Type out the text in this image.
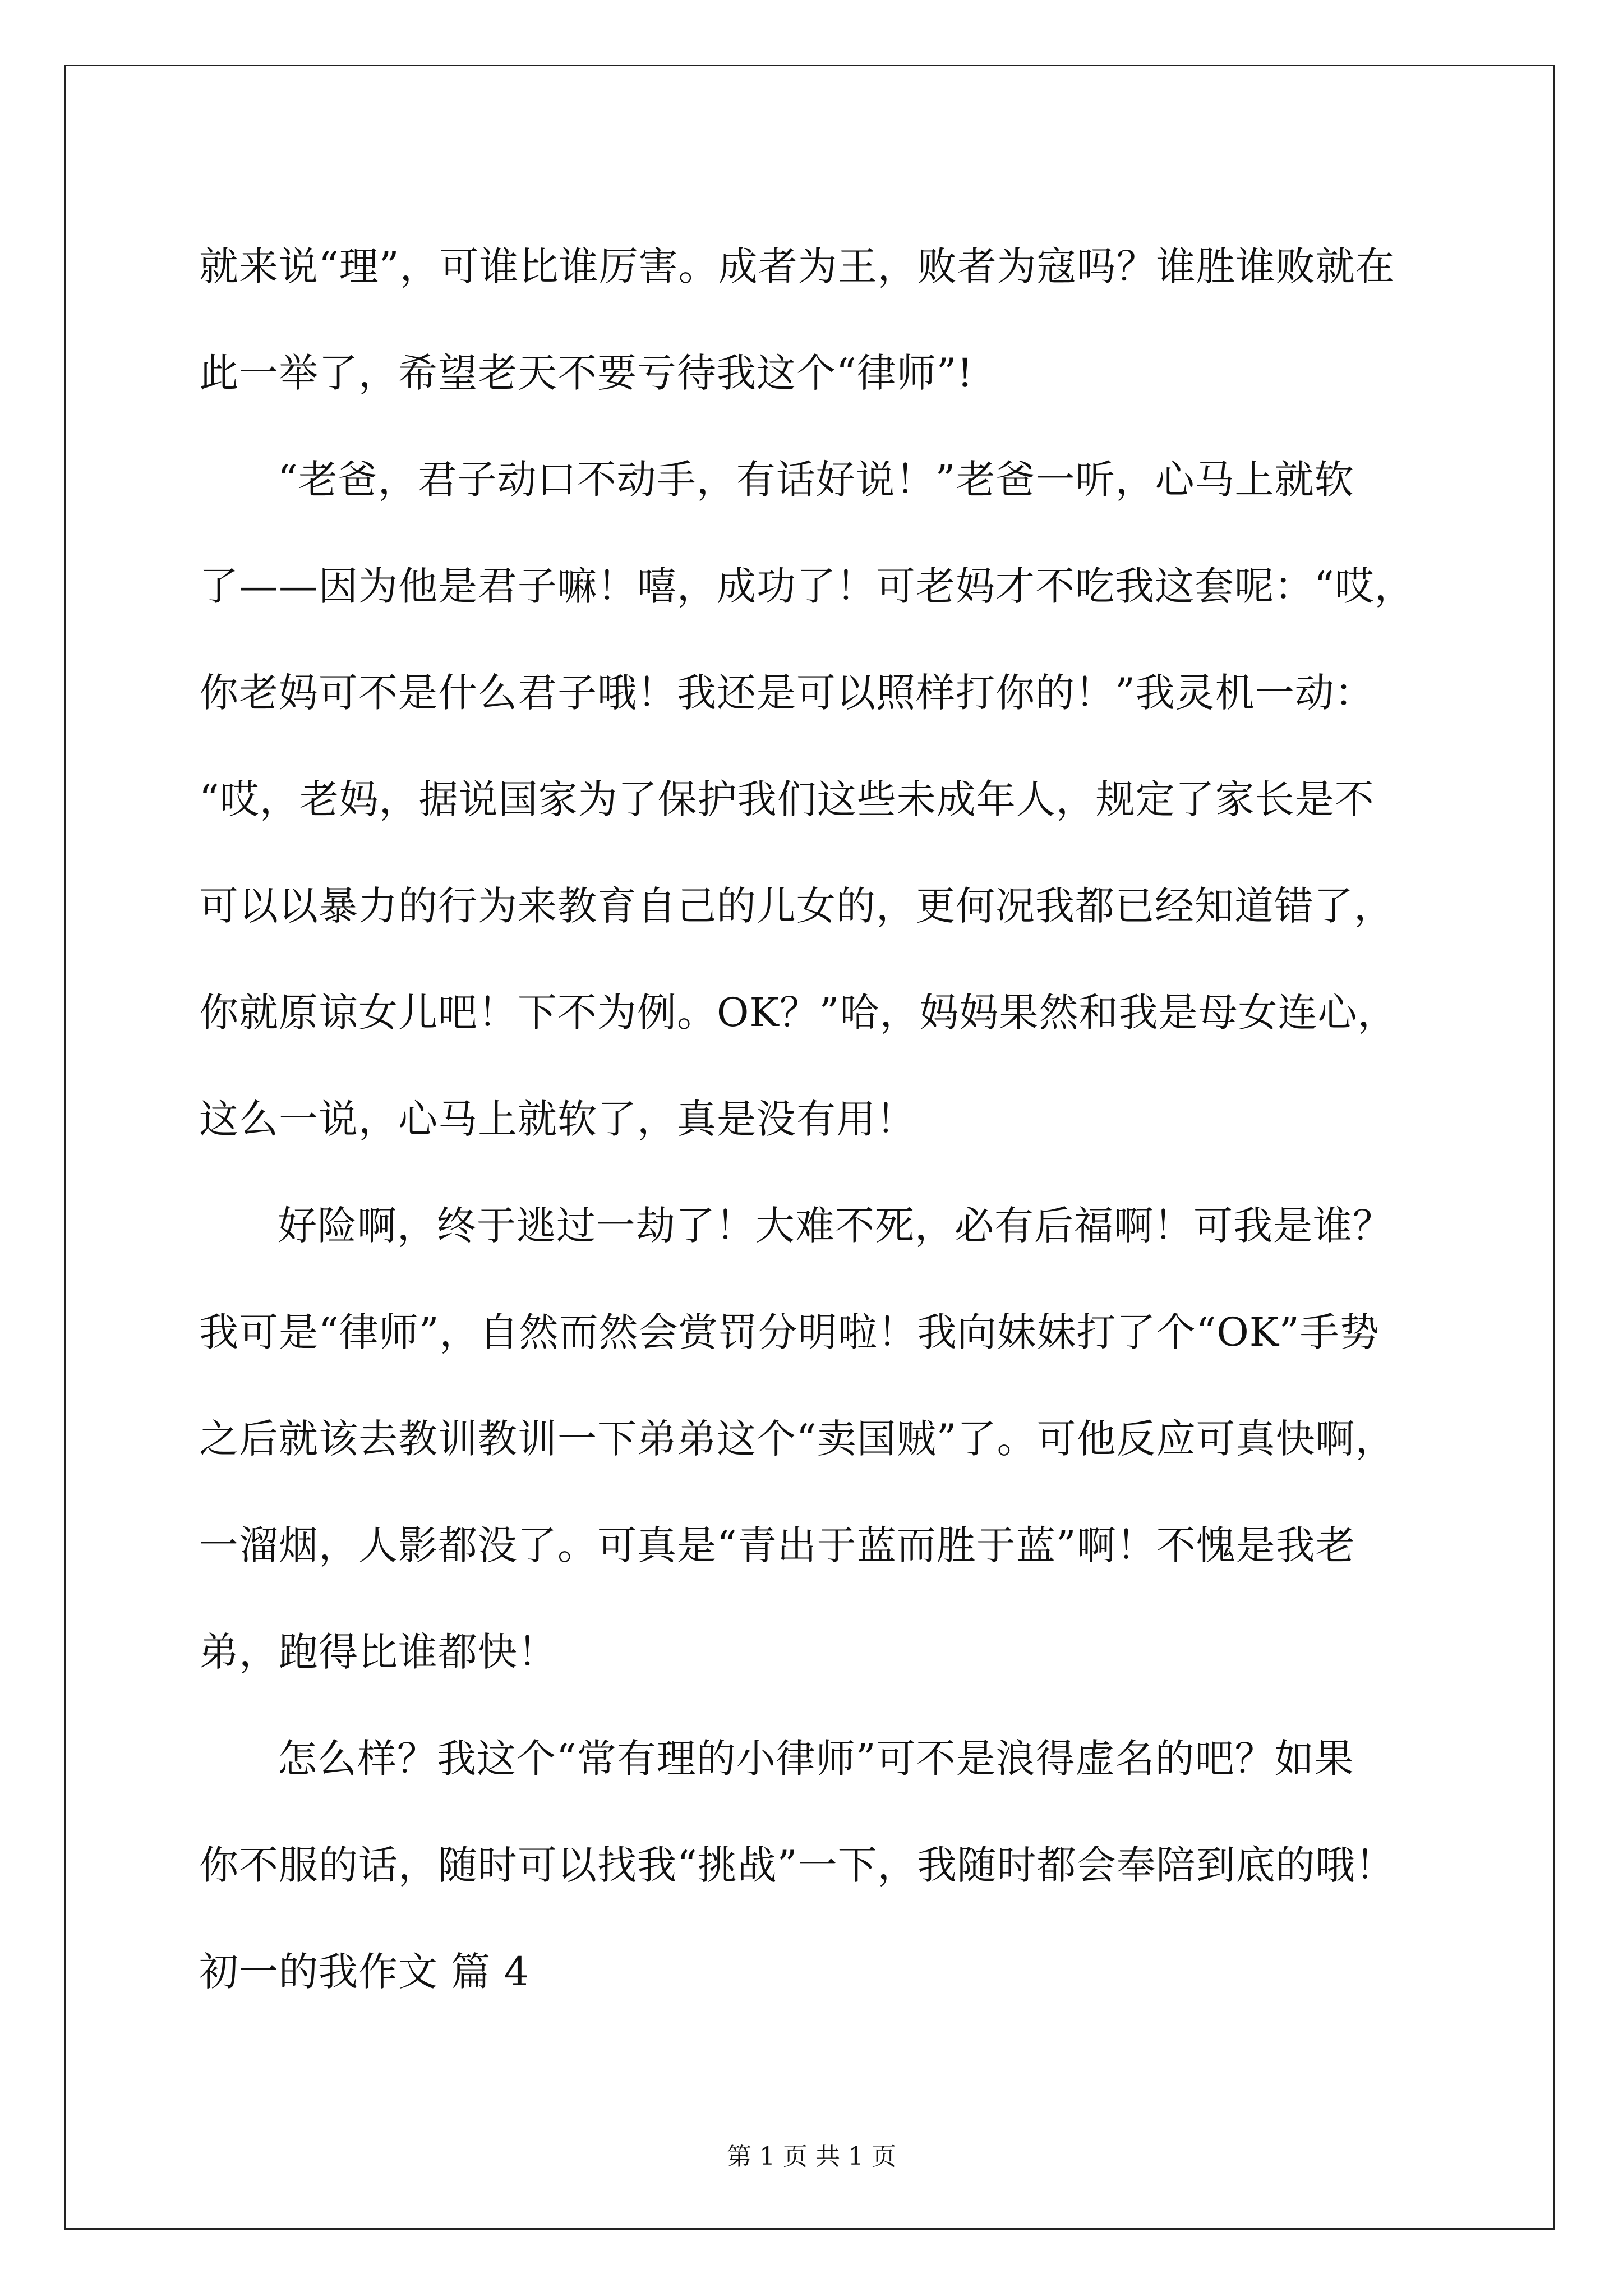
就来说“理”，可谁比谁厉害。成者为王，败者为寇吗？谁胜谁败就在
此一举了，希望老天不要亏待我这个“律师”!
“老爸，君子动口不动手，有话好说！”老爸一听，心马上就软
了——因为他是君子嘛！嘻，成功了！可老妈才不吃我这套呢：“哎，
你老妈可不是什么君子哦！我还是可以照样打你的！”我灵机一动：
“哎，老妈，据说国家为了保护我们这些未成年人，规定了家长是不
可以以暴力的行为来教育自己的儿女的，更何况我都已经知道错了，
你就原谅女儿吧！下不为例。OK？”哈，妈妈果然和我是母女连心，
这么一说，心马上就软了，真是没有用！
好险啊，终于逃过一劫了！大难不死，必有后福啊！可我是谁？
我可是“律师”，自然而然会赏罚分明啦！我向妹妹打了个“OK”手势
之后就该去教训教训一下弟弟这个“卖国贼”了。可他反应可真快啊，
一溜烟，人影都没了。可真是“青出于蓝而胜于蓝”啊！不愧是我老
弟，跑得比谁都快！
怎么样？我这个“常有理的小律师”可不是浪得虚名的吧？如果
你不服的话，随时可以找我“挑战”一下，我随时都会奉陪到底的哦！
初一的我作文 篇 4
第 1 页 共 1 页
